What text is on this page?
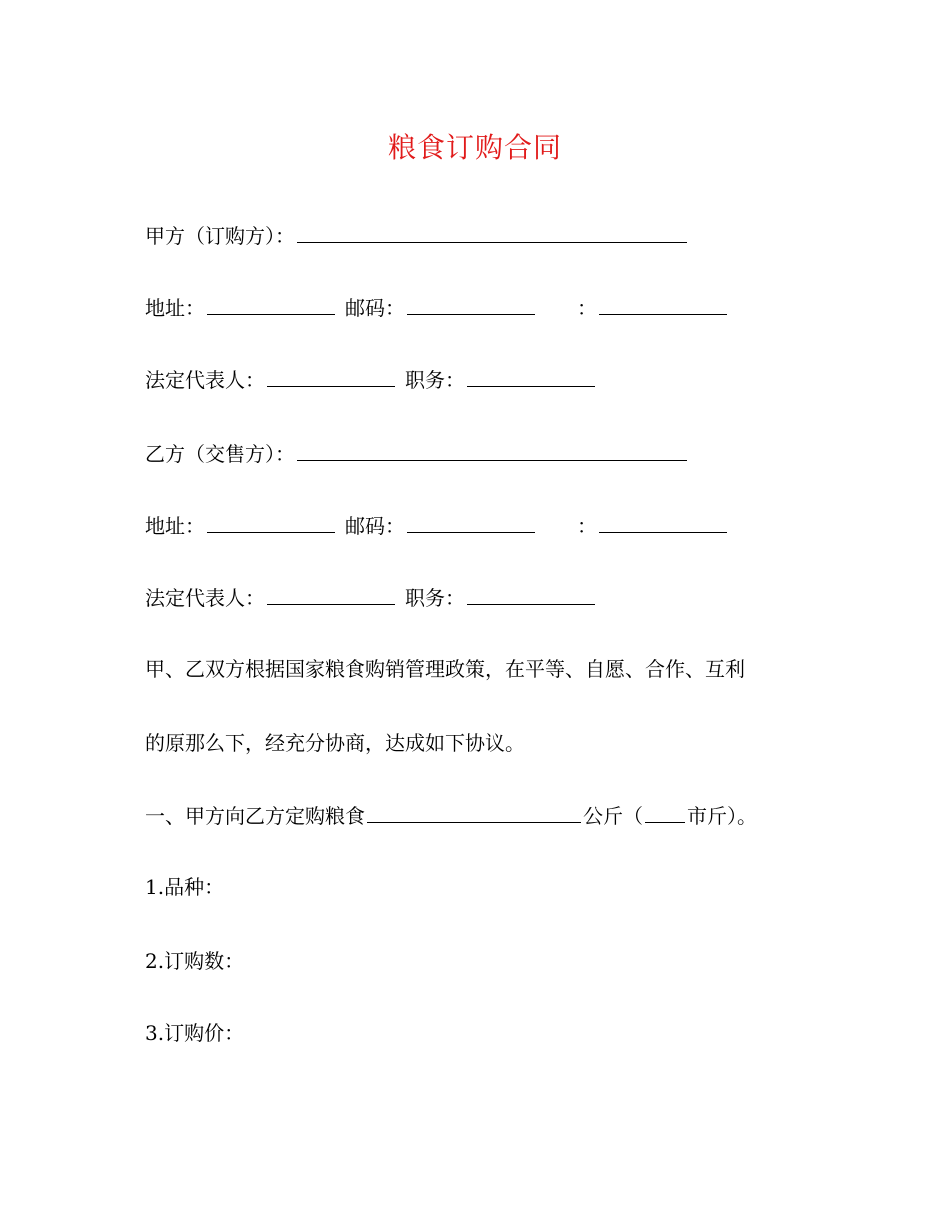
粮食订购合同
甲方（订购方）：
地址：	邮码：	：
法定代表人：	职务：
乙方（交售方）：
地址：	邮码：	：
法定代表人：	职务：
甲、乙双方根据国家粮食购销管理政策，在平等、自愿、合作、互利
的原那么下，经充分协商，达成如下协议。
一、甲方向乙方定购粮食	公斤（ 市斤）。
1.品种：
2.订购数：
3.订购价：
